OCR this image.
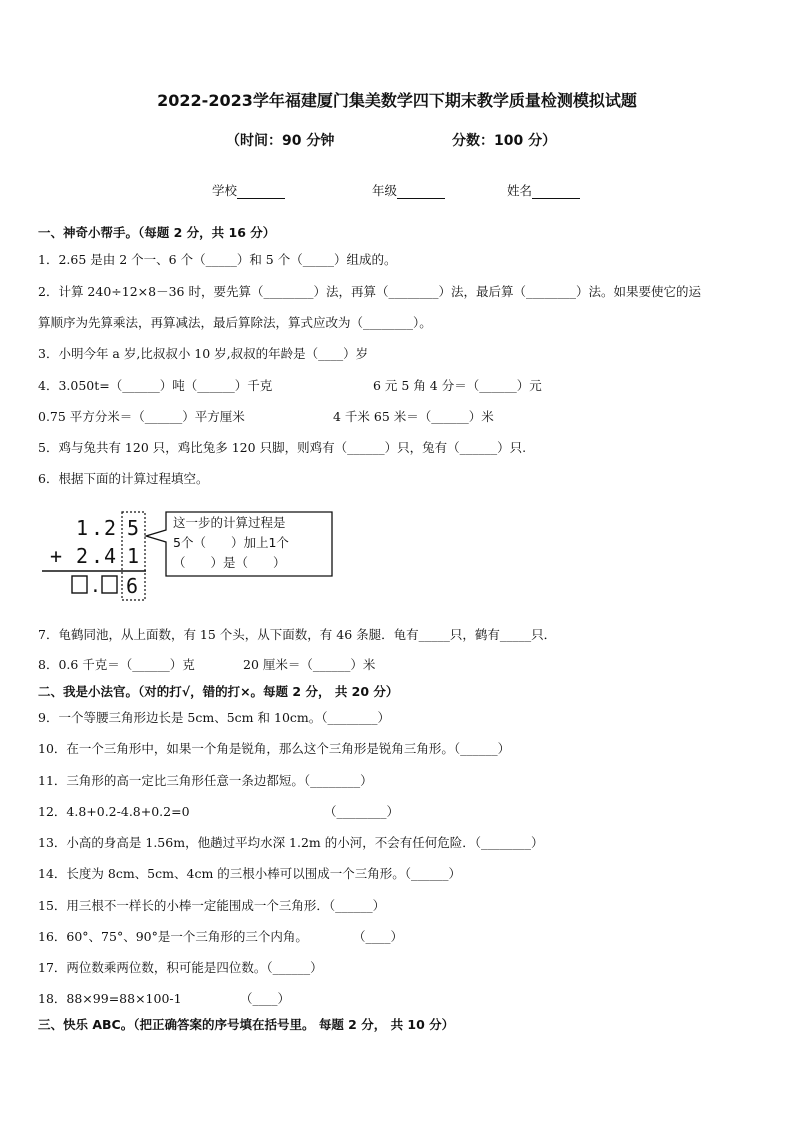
2022-2023学年福建厦门集美数学四下期末教学质量检测模拟试题
（时间：90 分钟	分数：100 分）
学校	年级	姓名
一、神奇小帮手。（每题 2 分，共 16 分）
1．2.65 是由 2 个一、6 个（_____）和 5 个（_____）组成的。
2．计算 240÷12×8－36 时，要先算（________）法，再算（________）法，最后算（________）法。如果要使它的运
算顺序为先算乘法，再算减法，最后算除法，算式应改为（________）。
3．小明今年 a 岁,比叔叔小 10 岁,叔叔的年龄是（____）岁
4．3.050t=（______）吨（______）千克	6 元 5 角 4 分＝（______）元
0.75 平方分米＝（______）平方厘米	4 千米 65 米＝（______）米
5．鸡与兔共有 120 只，鸡比兔多 120 只脚，则鸡有（______）只，兔有（______）只.
6．根据下面的计算过程填空。
1 . 2 5
+ 2 . 4 1
. 6
这一步的计算过程是
5个（　　）加上1个
（　　）是（　　）
7．龟鹤同池，从上面数，有 15 个头，从下面数，有 46 条腿．龟有_____只，鹤有_____只．
8．0.6 千克＝（______）克	20 厘米＝（______）米
二、我是小法官。（对的打√，错的打×。每题 2 分， 共 20 分）
9．一个等腰三角形边长是 5cm、5cm 和 10cm。（________）
10．在一个三角形中，如果一个角是锐角，那么这个三角形是锐角三角形。（______）
11．三角形的高一定比三角形任意一条边都短。（________）
12．4.8+0.2-4.8+0.2=0	（________）
13．小高的身高是 1.56m，他趟过平均水深 1.2m 的小河，不会有任何危险．（________）
14．长度为 8cm、5cm、4cm 的三根小棒可以围成一个三角形。（______）
15．用三根不一样长的小棒一定能围成一个三角形．（______）
16．60°、75°、90°是一个三角形的三个内角。	（____）
17．两位数乘两位数，积可能是四位数。（______）
18．88×99=88×100-1	（____）
三、快乐 ABC。（把正确答案的序号填在括号里。 每题 2 分， 共 10 分）
